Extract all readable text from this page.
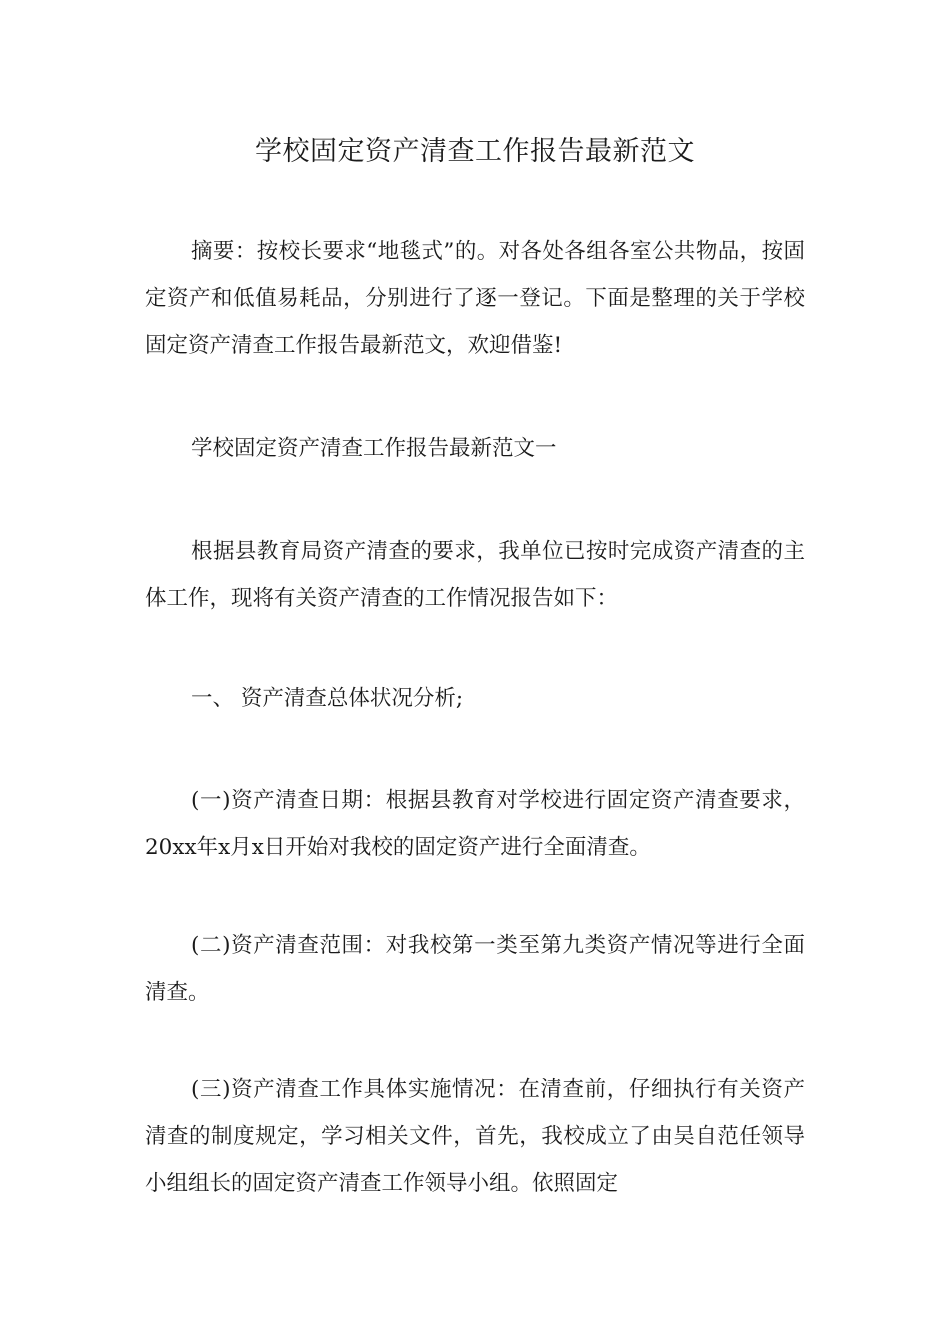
学校固定资产清查工作报告最新范文
摘要：按校长要求“地毯式”的。对各处各组各室公共物品，按固定资产和低值易耗品，分别进行了逐一登记。下面是整理的关于学校固定资产清查工作报告最新范文，欢迎借鉴!
学校固定资产清查工作报告最新范文一
根据县教育局资产清查的要求，我单位已按时完成资产清查的主体工作，现将有关资产清查的工作情况报告如下：
一、 资产清查总体状况分析;
(一)资产清查日期：根据县教育对学校进行固定资产清查要求，20xx年x月x日开始对我校的固定资产进行全面清查。
(二)资产清查范围：对我校第一类至第九类资产情况等进行全面清查。
(三)资产清查工作具体实施情况：在清查前，仔细执行有关资产清查的制度规定，学习相关文件，首先，我校成立了由吴自范任领导小组组长的固定资产清查工作领导小组。依照固定
